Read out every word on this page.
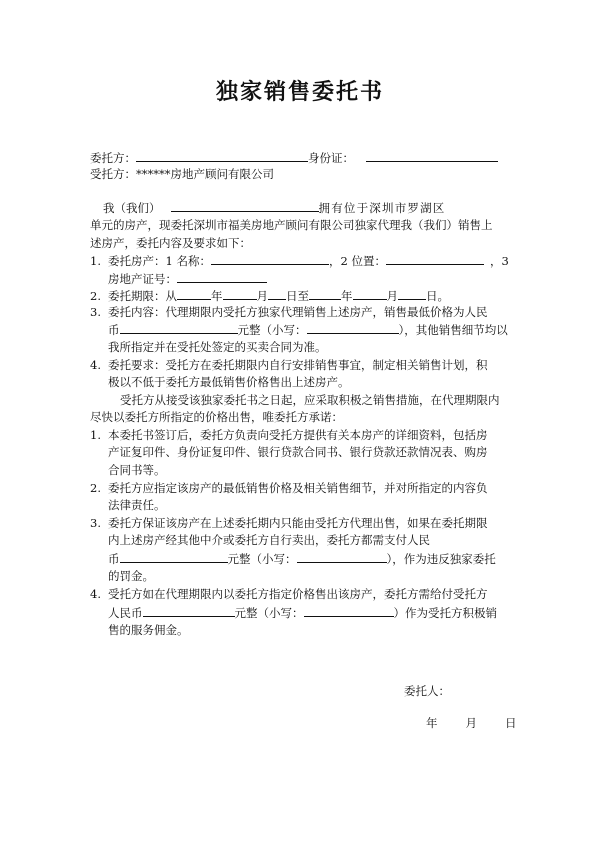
独家销售委托书
委托方：	身份证：
受托方：******房地产顾问有限公司
我（我们）	拥有位于深圳市罗湖区
单元的房产，现委托深圳市福美房地产顾问有限公司独家代理我（我们）销售上
述房产，委托内容及要求如下：
1. 委托房产：1 名称：	，2 位置：	，3
房地产证号：
2. 委托期限：从	年	月 日至	年	月 日。
3. 委托内容：代理期限内受托方独家代理销售上述房产，销售最低价格为人民
币	元整（小写：	），其他销售细节均以
我所指定并在受托处签定的买卖合同为准。
4. 委托要求：受托方在委托期限内自行安排销售事宜，制定相关销售计划，积
极以不低于委托方最低销售价格售出上述房产。
受托方从接受该独家委托书之日起，应采取积极之销售措施，在代理期限内
尽快以委托方所指定的价格出售，唯委托方承诺：
1. 本委托书签订后，委托方负责向受托方提供有关本房产的详细资料，包括房
产证复印件、身份证复印件、银行贷款合同书、银行贷款还款情况表、购房
合同书等。
2. 委托方应指定该房产的最低销售价格及相关销售细节，并对所指定的内容负
法律责任。
3. 委托方保证该房产在上述委托期内只能由受托方代理出售，如果在委托期限
内上述房产经其他中介或委托方自行卖出，委托方都需支付人民
币	元整（小写：	），作为违反独家委托
的罚金。
4. 受托方如在代理期限内以委托方指定价格售出该房产，委托方需给付受托方
人民币	元整（小写：	）作为受托方积极销
售的服务佣金。
委托人：
年 月 日
